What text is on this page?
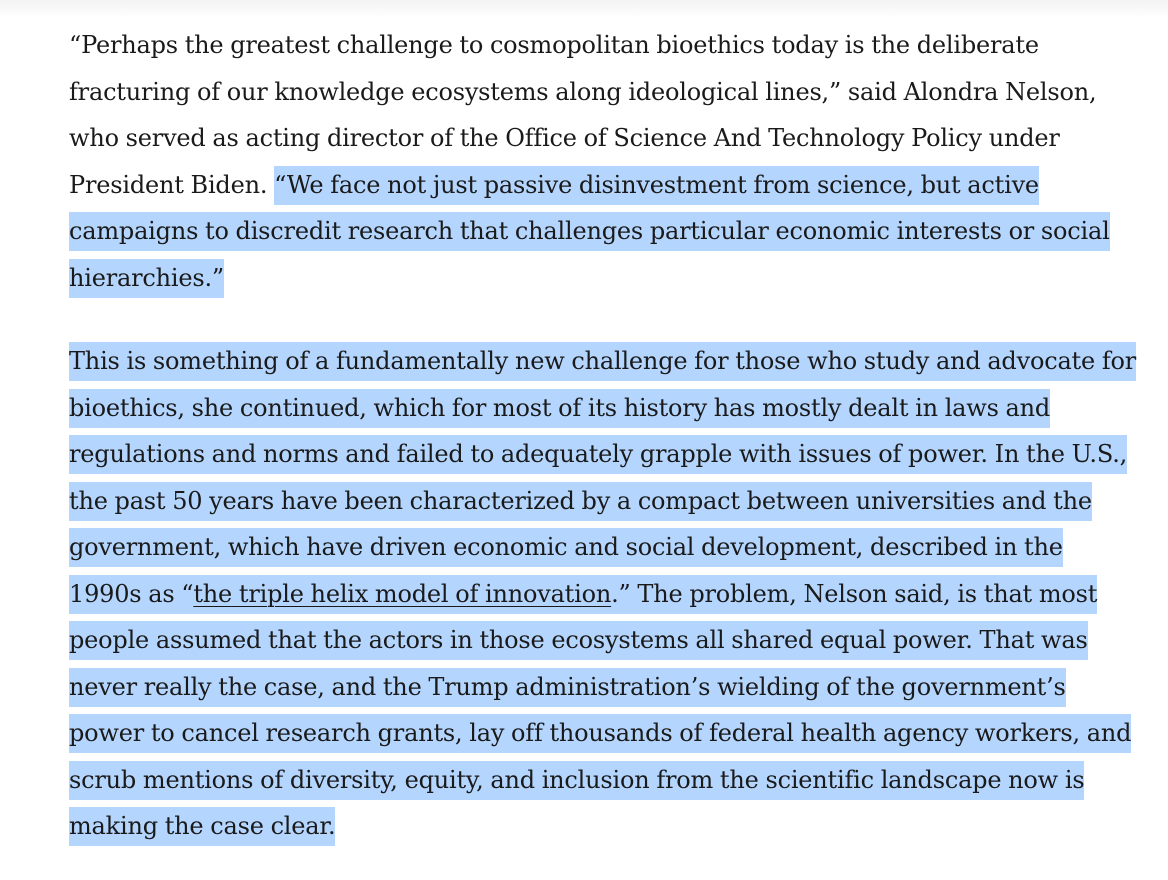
“Perhaps the greatest challenge to cosmopolitan bioethics today is the deliberate fracturing of our knowledge ecosystems along ideological lines,” said Alondra Nelson, who served as acting director of the Office of Science And Technology Policy under President Biden. “We face not just passive disinvestment from science, but active campaigns to discredit research that challenges particular economic interests or social hierarchies.”

This is something of a fundamentally new challenge for those who study and advocate for bioethics, she continued, which for most of its history has mostly dealt in laws and regulations and norms and failed to adequately grapple with issues of power. In the U.S., the past 50 years have been characterized by a compact between universities and the government, which have driven economic and social development, described in the 1990s as “the triple helix model of innovation.” The problem, Nelson said, is that most people assumed that the actors in those ecosystems all shared equal power. That was never really the case, and the Trump administration’s wielding of the government’s power to cancel research grants, lay off thousands of federal health agency workers, and scrub mentions of diversity, equity, and inclusion from the scientific landscape now is making the case clear.
